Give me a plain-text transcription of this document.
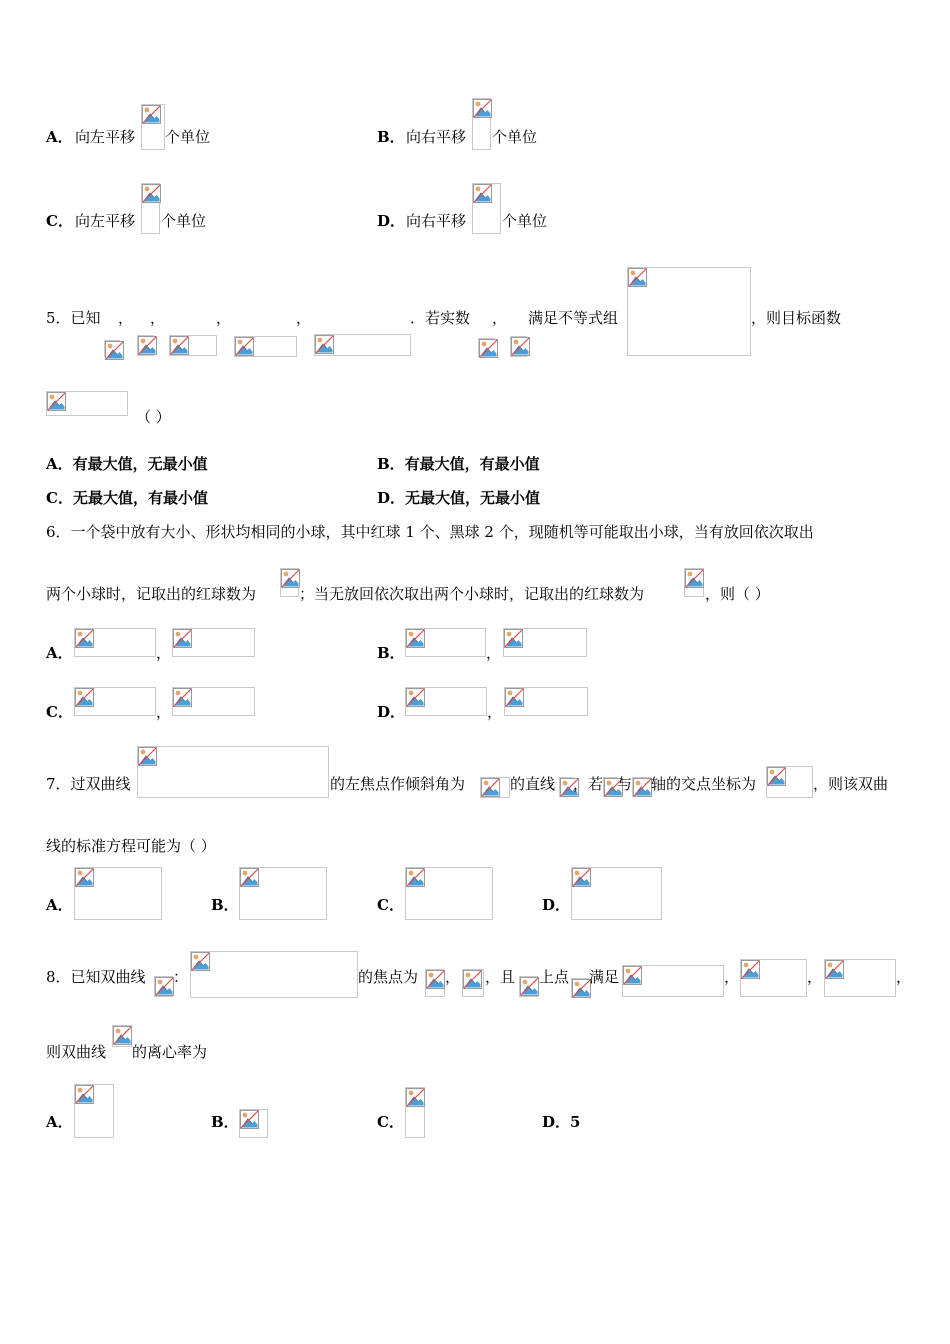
A． 向左平移 个单位	B． 向右平移 个单位
C． 向左平移 个单位	D． 向右平移 个单位
5．已知 ， ，	，	，	．若实数 ， 满足不等式组	，则目标函数
（ ）
A．有最大值，无最小值	B．有最大值，有最小值
C．无最大值，有最小值	D．无最大值，无最小值
6．一个袋中放有大小、形状均相同的小球，其中红球 1 个、黑球 2 个，现随机等可能取出小球，当有放回依次取出
两个小球时，记取出的红球数为	；当无放回依次取出两个小球时，记取出的红球数为	，则（ ）
A．	，	B．	，
C．	，	D．	，
7．过双曲线	的左焦点作倾斜角为	的直线 ，若 与 轴的交点坐标为	，则该双曲
线的标准方程可能为（ ）
A．	B．	C．	D．
8．已知双曲线 ：	的焦点为 ， ，且 上点 满足	，	，	，
则双曲线 的离心率为
A．	B．	C．	D．5
